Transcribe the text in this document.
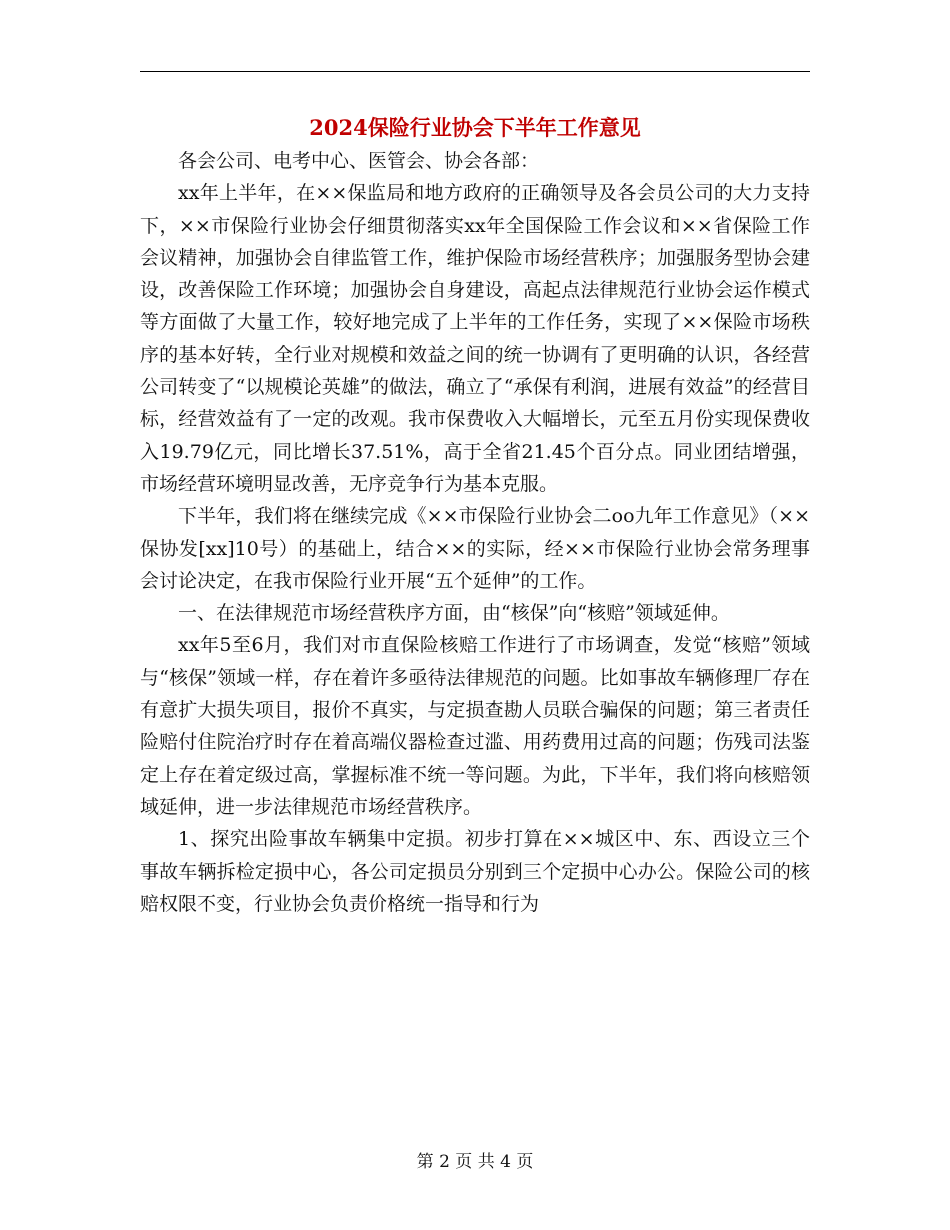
2024保险行业协会下半年工作意见

各会公司、电考中心、医管会、协会各部：

xx年上半年，在××保监局和地方政府的正确领导及各会员公司的大力支持下，××市保险行业协会仔细贯彻落实xx年全国保险工作会议和××省保险工作会议精神，加强协会自律监管工作，维护保险市场经营秩序；加强服务型协会建设，改善保险工作环境；加强协会自身建设，高起点法律规范行业协会运作模式等方面做了大量工作，较好地完成了上半年的工作任务，实现了××保险市场秩序的基本好转，全行业对规模和效益之间的统一协调有了更明确的认识，各经营公司转变了“以规模论英雄”的做法，确立了“承保有利润，进展有效益”的经营目标，经营效益有了一定的改观。我市保费收入大幅增长，元至五月份实现保费收入19.79亿元，同比增长37.51%，高于全省21.45个百分点。同业团结增强，市场经营环境明显改善，无序竞争行为基本克服。

下半年，我们将在继续完成《××市保险行业协会二oo九年工作意见》（××保协发[xx]10号）的基础上，结合××的实际，经××市保险行业协会常务理事会讨论决定，在我市保险行业开展“五个延伸”的工作。

一、在法律规范市场经营秩序方面，由“核保”向“核赔”领域延伸。

xx年5至6月，我们对市直保险核赔工作进行了市场调查，发觉“核赔”领域与“核保”领域一样，存在着许多亟待法律规范的问题。比如事故车辆修理厂存在有意扩大损失项目，报价不真实，与定损查勘人员联合骗保的问题；第三者责任险赔付住院治疗时存在着高端仪器检查过滥、用药费用过高的问题；伤残司法鉴定上存在着定级过高，掌握标准不统一等问题。为此，下半年，我们将向核赔领域延伸，进一步法律规范市场经营秩序。

1、探究出险事故车辆集中定损。初步打算在××城区中、东、西设立三个事故车辆拆检定损中心，各公司定损员分别到三个定损中心办公。保险公司的核赔权限不变，行业协会负责价格统一指导和行为

第 2 页 共 4 页
